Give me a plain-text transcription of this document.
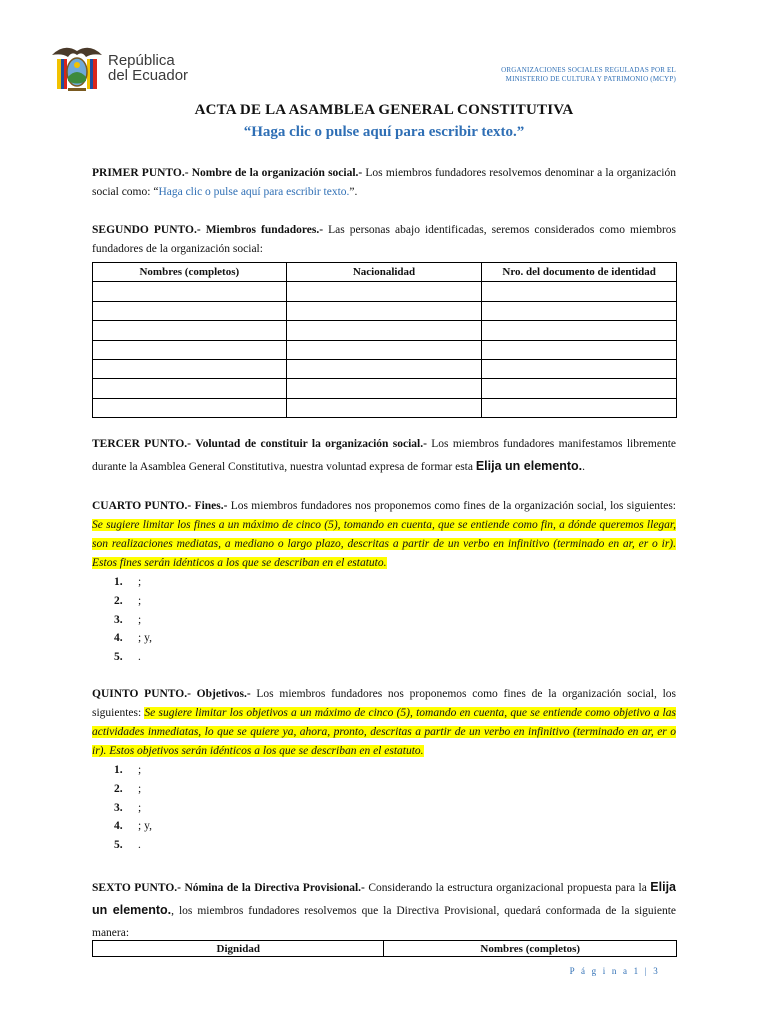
República
del Ecuador	ORGANIZACIONES SOCIALES REGULADAS POR EL
MINISTERIO DE CULTURA Y PATRIMONIO (MCYP)
ACTA DE LA ASAMBLEA GENERAL CONSTITUTIVA
“Haga clic o pulse aquí para escribir texto.”
PRIMER PUNTO.- Nombre de la organización social.- Los miembros fundadores resolvemos denominar a la organización social como: “Haga clic o pulse aquí para escribir texto.”.
SEGUNDO PUNTO.- Miembros fundadores.- Las personas abajo identificadas, seremos considerados como miembros fundadores de la organización social:
Nombres (completos)	Nacionalidad	Nro. del documento de identidad

TERCER PUNTO.- Voluntad de constituir la organización social.- Los miembros fundadores manifestamos libremente durante la Asamblea General Constitutiva, nuestra voluntad expresa de formar esta Elija un elemento..
CUARTO PUNTO.- Fines.- Los miembros fundadores nos proponemos como fines de la organización social, los siguientes: Se sugiere limitar los fines a un máximo de cinco (5), tomando en cuenta, que se entiende como fin, a dónde queremos llegar, son realizaciones mediatas, a mediano o largo plazo, descritas a partir de un verbo en infinitivo (terminado en ar, er o ir). Estos fines serán idénticos a los que se describan en el estatuto.
1.	;
2.	;
3.	;
4.	; y,
5.	.
QUINTO PUNTO.- Objetivos.- Los miembros fundadores nos proponemos como fines de la organización social, los siguientes: Se sugiere limitar los objetivos a un máximo de cinco (5), tomando en cuenta, que se entiende como objetivo a las actividades inmediatas, lo que se quiere ya, ahora, pronto, descritas a partir de un verbo en infinitivo (terminado en ar, er o ir). Estos objetivos serán idénticos a los que se describan en el estatuto.
1.	;
2.	;
3.	;
4.	; y,
5.	.
SEXTO PUNTO.- Nómina de la Directiva Provisional.- Considerando la estructura organizacional propuesta para la Elija un elemento., los miembros fundadores resolvemos que la Directiva Provisional, quedará conformada de la siguiente manera:
Dignidad	Nombres (completos)
P á g i n a 1 | 3
